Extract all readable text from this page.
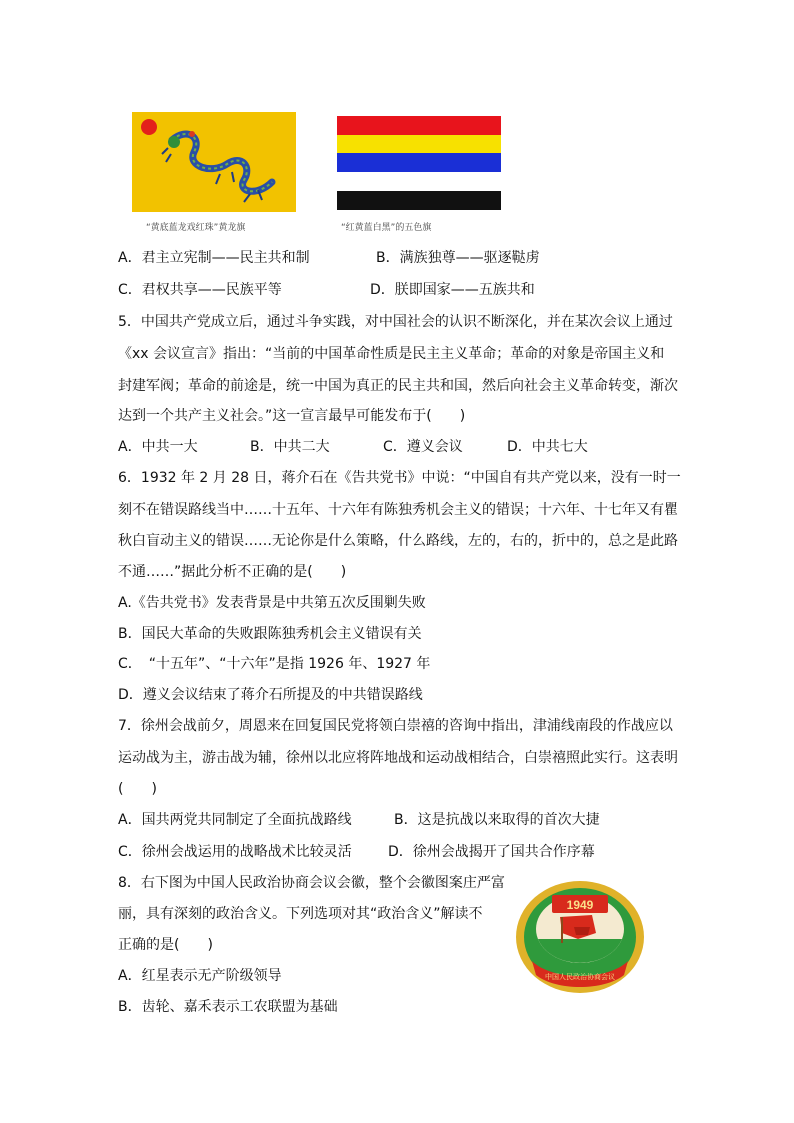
“黄底蓝龙戏红珠”黄龙旗	“红黄蓝白黑”的五色旗
A．君主立宪制——民主共和制	B．满族独尊——驱逐鞑虏
C．君权共享——民族平等	D．朕即国家——五族共和
5．中国共产党成立后，通过斗争实践，对中国社会的认识不断深化，并在某次会议上通过
《xx 会议宣言》指出：“当前的中国革命性质是民主主义革命；革命的对象是帝国主义和
封建军阀；革命的前途是，统一中国为真正的民主共和国，然后向社会主义革命转变，渐次
达到一个共产主义社会。”这一宣言最早可能发布于(　　)
A．中共一大	B．中共二大	C．遵义会议	D．中共七大
6．1932 年 2 月 28 日，蒋介石在《告共党书》中说：“中国自有共产党以来，没有一时一
刻不在错误路线当中……十五年、十六年有陈独秀机会主义的错误；十六年、十七年又有瞿
秋白盲动主义的错误……无论你是什么策略，什么路线，左的，右的，折中的，总之是此路
不通……”据此分析不正确的是(　　)
A.《告共党书》发表背景是中共第五次反围剿失败
B．国民大革命的失败跟陈独秀机会主义错误有关
C．　“十五年”、“十六年”是指 1926 年、1927 年
D．遵义会议结束了蒋介石所提及的中共错误路线
7．徐州会战前夕，周恩来在回复国民党将领白崇禧的咨询中指出，津浦线南段的作战应以
运动战为主，游击战为辅，徐州以北应将阵地战和运动战相结合，白崇禧照此实行。这表明
(　　)
A．国共两党共同制定了全面抗战路线	B．这是抗战以来取得的首次大捷
C．徐州会战运用的战略战术比较灵活	D．徐州会战揭开了国共合作序幕
8．右下图为中国人民政治协商会议会徽，整个会徽图案庄严富
丽，具有深刻的政治含义。下列选项对其“政治含义”解读不
正确的是(　　)
A．红星表示无产阶级领导
B．齿轮、嘉禾表示工农联盟为基础
1949
中国人民政治协商会议
